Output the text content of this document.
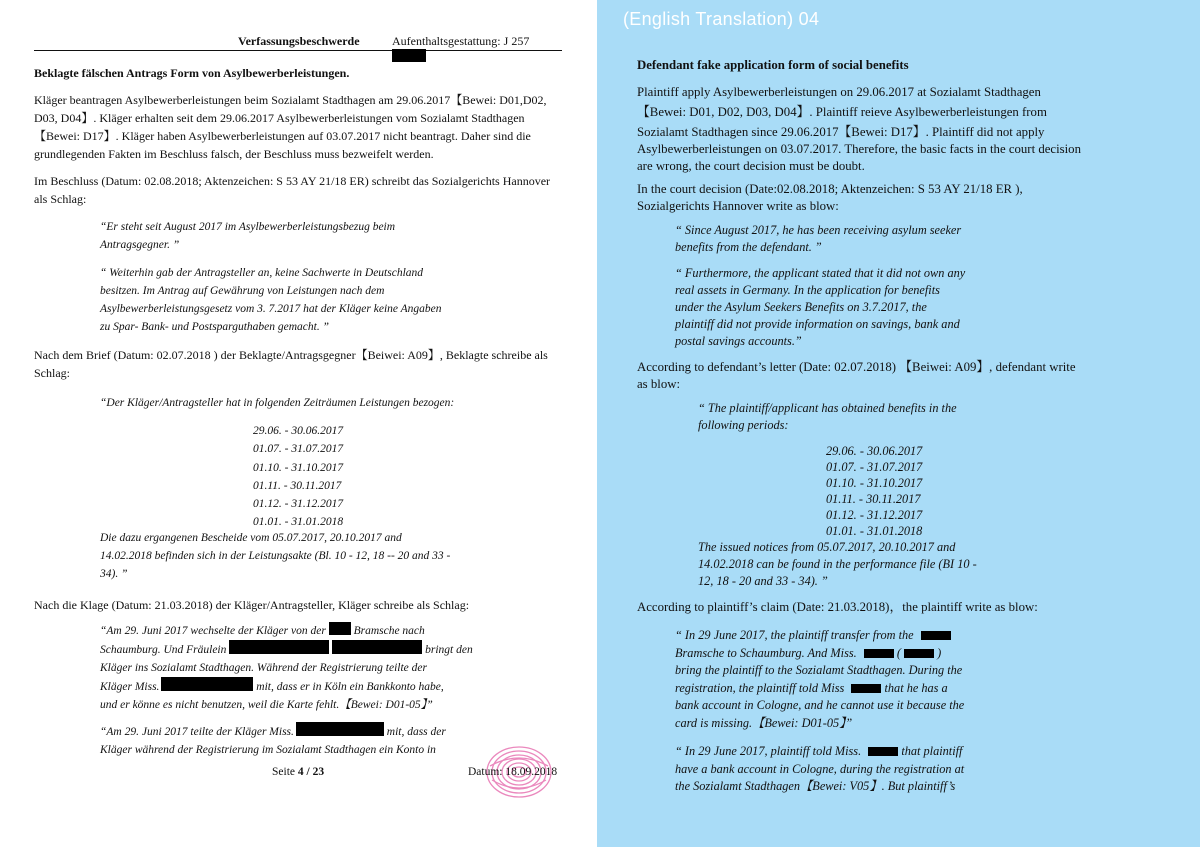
Verfassungsbeschwerde	Aufenthaltsgestattung: J 257
Beklagte fälschen Antrags Form von Asylbewerberleistungen.
Kläger beantragen Asylbewerberleistungen beim Sozialamt Stadthagen am 29.06.2017【Bewei: D01,D02,
D03, D04】. Kläger erhalten seit dem 29.06.2017 Asylbewerberleistungen vom Sozialamt Stadthagen
【Bewei: D17】. Kläger haben Asylbewerberleistungen auf 03.07.2017 nicht beantragt. Daher sind die
grundlegenden Fakten im Beschluss falsch, der Beschluss muss bezweifelt werden.
Im Beschluss (Datum: 02.08.2018; Aktenzeichen: S 53 AY 21/18 ER) schreibt das Sozialgerichts Hannover
als Schlag:
“Er steht seit August 2017 im Asylbewerberleistungsbezug beim
Antragsgegner. ”
“ Weiterhin gab der Antragsteller an, keine Sachwerte in Deutschland
besitzen. Im Antrag auf Gewährung von Leistungen nach dem
Asylbewerberleistungsgesetz vom 3. 7.2017 hat der Kläger keine Angaben
zu Spar- Bank- und Postsparguthaben gemacht. ”
Nach dem Brief (Datum: 02.07.2018 ) der Beklagte/Antragsgegner【Beiwei: A09】, Beklagte schreibe als
Schlag:
“Der Kläger/Antragsteller hat in folgenden Zeiträumen Leistungen bezogen:
29.06. - 30.06.2017
01.07. - 31.07.2017
01.10. - 31.10.2017
01.11. - 30.11.2017
01.12. - 31.12.2017
01.01. - 31.01.2018
Die dazu ergangenen Bescheide vom 05.07.2017, 20.10.2017 and
14.02.2018 befinden sich in der Leistungsakte (Bl. 10 - 12, 18 -- 20 and 33 -
34). ”
Nach die Klage (Datum: 21.03.2018) der Kläger/Antragsteller, Kläger schreibe als Schlag:
“Am 29. Juni 2017 wechselte der Kläger von der Bramsche nach
Schaumburg. Und Fräulein	bringt den
Kläger ins Sozialamt Stadthagen. Während der Registrierung teilte der
Kläger Miss.	mit, dass er in Köln ein Bankkonto habe,
und er könne es nicht benutzen, weil die Karte fehlt.【Bewei: D01-05】”
“Am 29. Juni 2017 teilte der Kläger Miss.	mit, dass der
Kläger während der Registrierung im Sozialamt Stadthagen ein Konto in
Seite 4 / 23	Datum: 18.09.2018
(English Translation) 04
Defendant fake application form of social benefits
Plaintiff apply Asylbewerberleistungen on 29.06.2017 at Sozialamt Stadthagen
【Bewei: D01, D02, D03, D04】. Plaintiff reieve Asylbewerberleistungen from
Sozialamt Stadthagen since 29.06.2017【Bewei: D17】. Plaintiff did not apply
Asylbewerberleistungen on 03.07.2017. Therefore, the basic facts in the court decision
are wrong, the court decision must be doubt.
In the court decision (Date:02.08.2018; Aktenzeichen: S 53 AY 21/18 ER ),
Sozialgerichts Hannover write as blow:
“ Since August 2017, he has been receiving asylum seeker
benefits from the defendant. ”
“ Furthermore, the applicant stated that it did not own any
real assets in Germany. In the application for benefits
under the Asylum Seekers Benefits on 3.7.2017, the
plaintiff did not provide information on savings, bank and
postal savings accounts.”
According to defendant’s letter (Date: 02.07.2018) 【Beiwei: A09】, defendant write
as blow:
“ The plaintiff/applicant has obtained benefits in the
following periods:
29.06. - 30.06.2017
01.07. - 31.07.2017
01.10. - 31.10.2017
01.11. - 30.11.2017
01.12. - 31.12.2017
01.01. - 31.01.2018
The issued notices from 05.07.2017, 20.10.2017 and
14.02.2018 can be found in the performance file (BI 10 -
12, 18 - 20 and 33 - 34). ”
According to plaintiff’s claim (Date: 21.03.2018)，the plaintiff write as blow:
“ In 29 June 2017, the plaintiff transfer from the
Bramsche to Schaumburg. And Miss.	(	)
bring the plaintiff to the Sozialamt Stadthagen. During the
registration, the plaintiff told Miss	that he has a
bank account in Cologne, and he cannot use it because the
card is missing.【Bewei: D01-05】”
“ In 29 June 2017, plaintiff told Miss.	that plaintiff
have a bank account in Cologne, during the registration at
the Sozialamt Stadthagen【Bewei: V05】. But plaintiff’s
